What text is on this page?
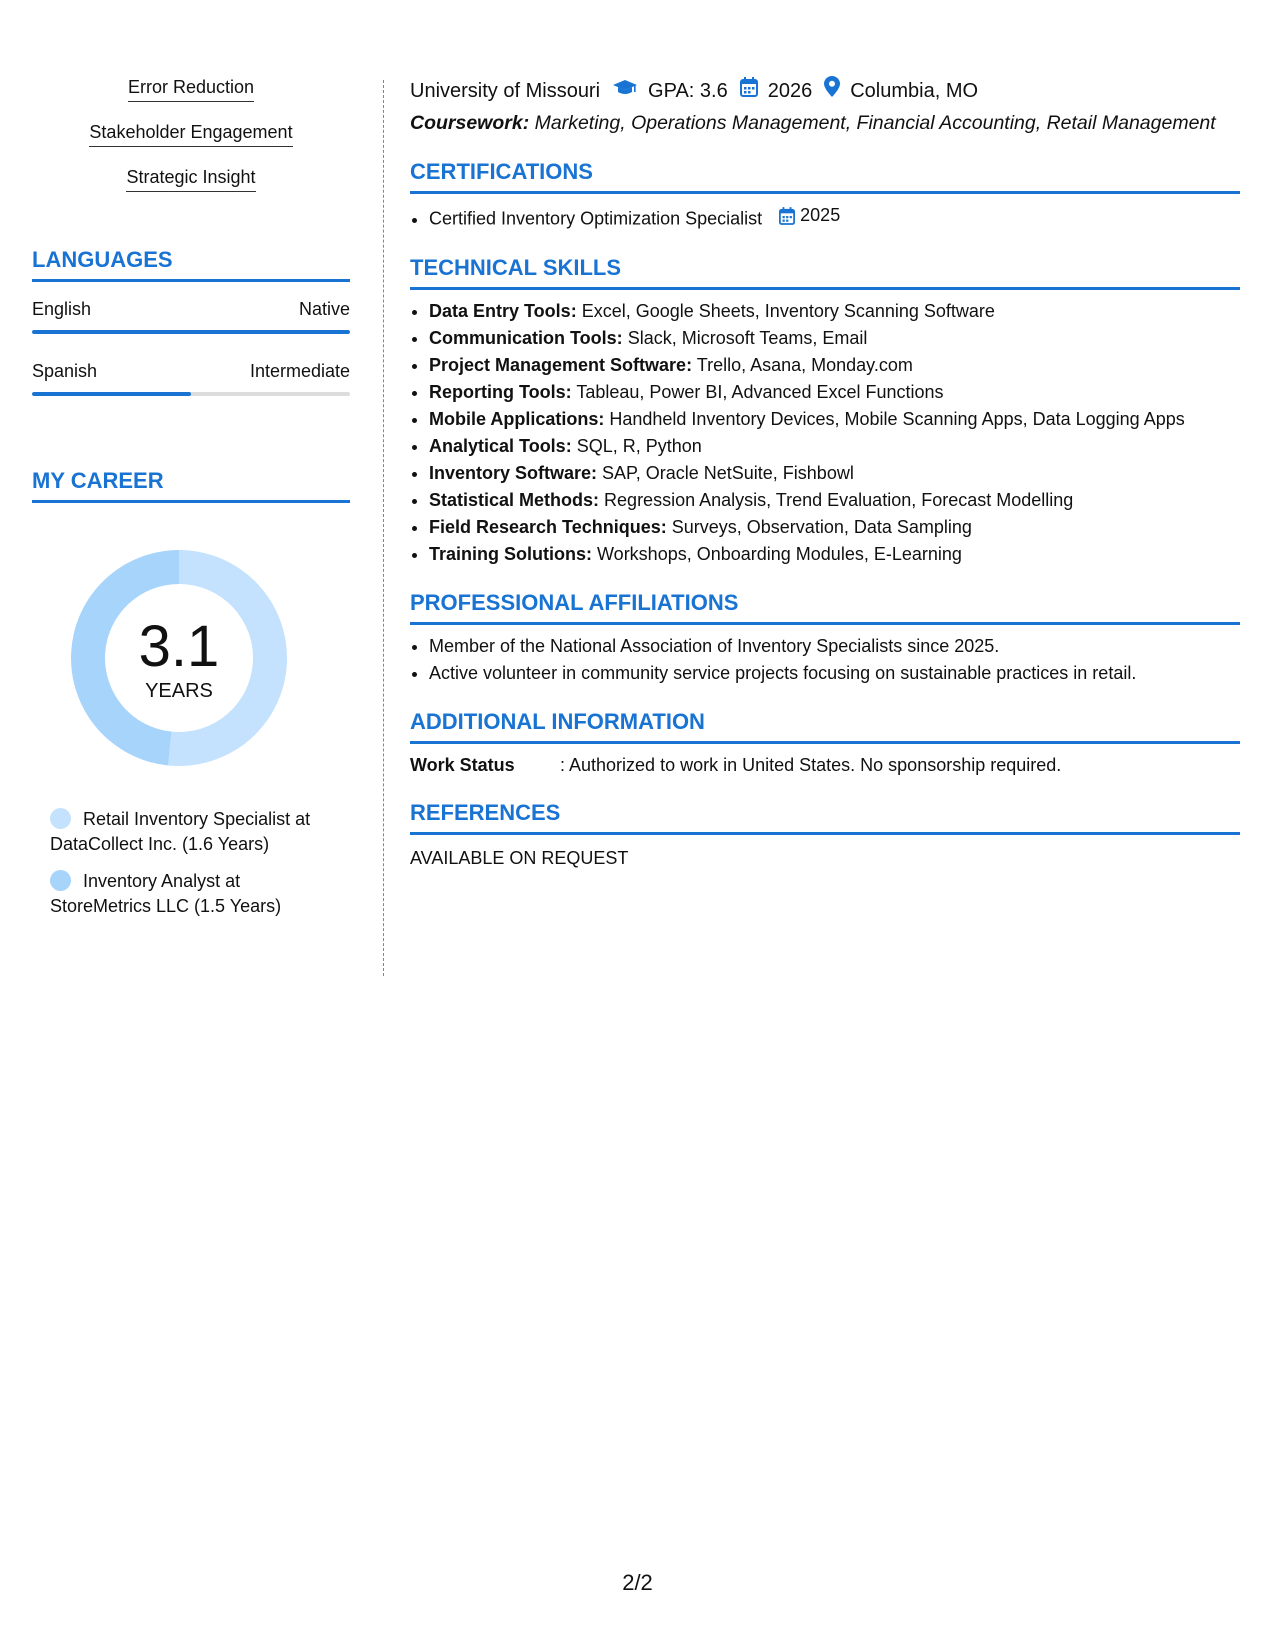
Error Reduction
Stakeholder Engagement
Strategic Insight
LANGUAGES
English	Native
Spanish	Intermediate
MY CAREER
3.1
YEARS
Retail Inventory Specialist at DataCollect Inc. (1.6 Years)
Inventory Analyst at StoreMetrics LLC (1.5 Years)
University of Missouri GPA: 3.6 2026 Columbia, MO
Coursework: Marketing, Operations Management, Financial Accounting, Retail Management
CERTIFICATIONS
• Certified Inventory Optimization Specialist 2025
TECHNICAL SKILLS
• Data Entry Tools: Excel, Google Sheets, Inventory Scanning Software
• Communication Tools: Slack, Microsoft Teams, Email
• Project Management Software: Trello, Asana, Monday.com
• Reporting Tools: Tableau, Power BI, Advanced Excel Functions
• Mobile Applications: Handheld Inventory Devices, Mobile Scanning Apps, Data Logging Apps
• Analytical Tools: SQL, R, Python
• Inventory Software: SAP, Oracle NetSuite, Fishbowl
• Statistical Methods: Regression Analysis, Trend Evaluation, Forecast Modelling
• Field Research Techniques: Surveys, Observation, Data Sampling
• Training Solutions: Workshops, Onboarding Modules, E-Learning
PROFESSIONAL AFFILIATIONS
• Member of the National Association of Inventory Specialists since 2025.
• Active volunteer in community service projects focusing on sustainable practices in retail.
ADDITIONAL INFORMATION
Work Status	: Authorized to work in United States. No sponsorship required.
REFERENCES
AVAILABLE ON REQUEST
2/2
